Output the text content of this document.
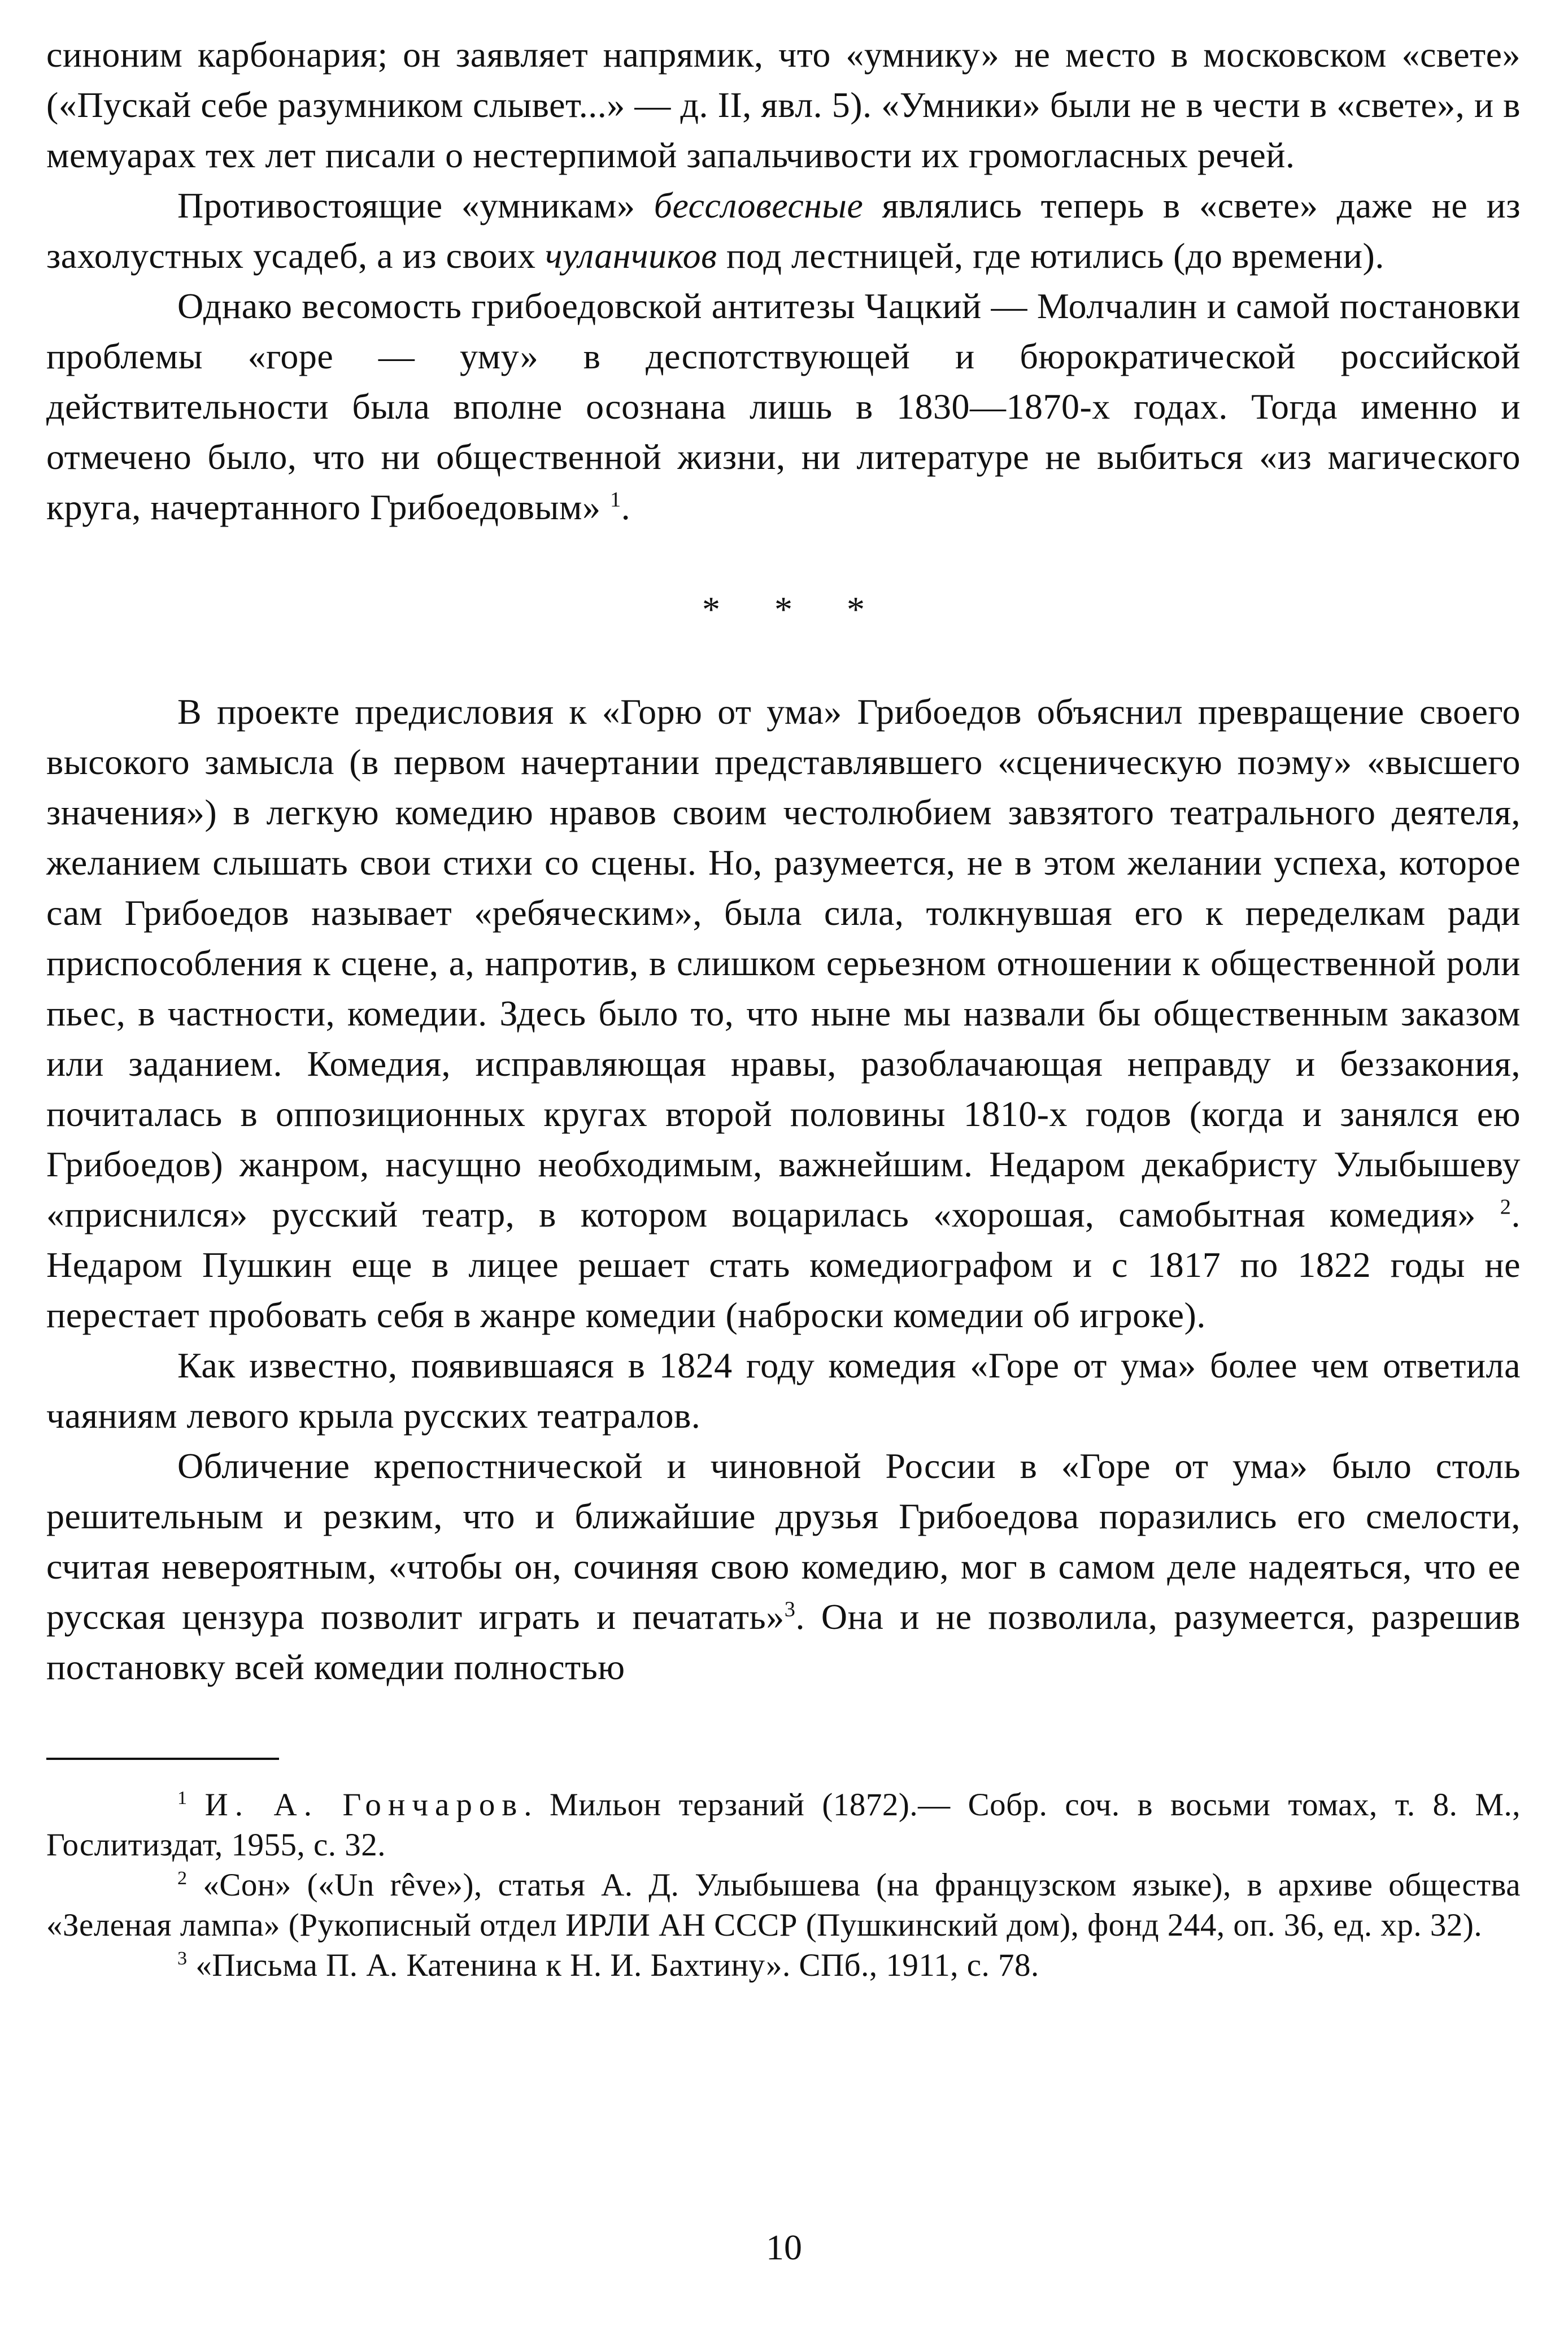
синоним карбонария; он заявляет напрямик, что «умнику» не место в московском «свете» («Пускай себе разумником слывет...» — д. II, явл. 5). «Умники» были не в чести в «свете», и в мемуарах тех лет писали о нестерпимой запальчивости их громогласных речей.

Противостоящие «умникам» бессловесные являлись теперь в «свете» даже не из захолустных усадеб, а из своих чуланчиков под лестницей, где ютились (до времени).

Однако весомость грибоедовской антитезы Чацкий — Молчалин и самой постановки проблемы «горе — уму» в деспотствующей и бюрократической российской действительности была вполне осознана лишь в 1830—1870-х годах. Тогда именно и отмечено было, что ни общественной жизни, ни литературе не выбиться «из магического круга, начертанного Грибоедовым» $^1$.

* * *

В проекте предисловия к «Горю от ума» Грибоедов объяснил превращение своего высокого замысла (в первом начертании представлявшего «сценическую поэму» «высшего значения») в легкую комедию нравов своим честолюбием завзятого театрального деятеля, желанием слышать свои стихи со сцены. Но, разумеется, не в этом желании успеха, которое сам Грибоедов называет «ребяческим», была сила, толкнувшая его к переделкам ради приспособления к сцене, а, напротив, в слишком серьезном отношении к общественной роли пьес, в частности, комедии. Здесь было то, что ныне мы назвали бы общественным заказом или заданием. Комедия, исправляющая нравы, разоблачающая неправду и беззакония, почиталась в оппозиционных кругах второй половины 1810-х годов (когда и занялся ею Грибоедов) жанром, насущно необходимым, важнейшим. Недаром декабристу Улыбышеву «приснился» русский театр, в котором воцарилась «хорошая, самобытная комедия» $^2$. Недаром Пушкин еще в лицее решает стать комедиографом и с 1817 по 1822 годы не перестает пробовать себя в жанре комедии (наброски комедии об игроке).

Как известно, появившаяся в 1824 году комедия «Горе от ума» более чем ответила чаяниям левого крыла русских театралов.

Обличение крепостнической и чиновной России в «Горе от ума» было столь решительным и резким, что и ближайшие друзья Грибоедова поразились его смелости, считая невероятным, «чтобы он, сочиняя свою комедию, мог в самом деле надеяться, что ее русская цензура позволит играть и печатать»$^3$. Она и не позволила, разумеется, разрешив постановку всей комедии полностью

$^1$ И. А. Гончаров. Мильон терзаний (1872).— Собр. соч. в восьми томах, т. 8. М., Гослитиздат, 1955, с. 32.

$^2$ «Сон» («Un rêve»), статья А. Д. Улыбышева (на французском языке), в архиве общества «Зеленая лампа» (Рукописный отдел ИРЛИ АН СССР (Пушкинский дом), фонд 244, оп. 36, ед. хр. 32).

$^3$ «Письма П. А. Катенина к Н. И. Бахтину». СПб., 1911, с. 78.

10
